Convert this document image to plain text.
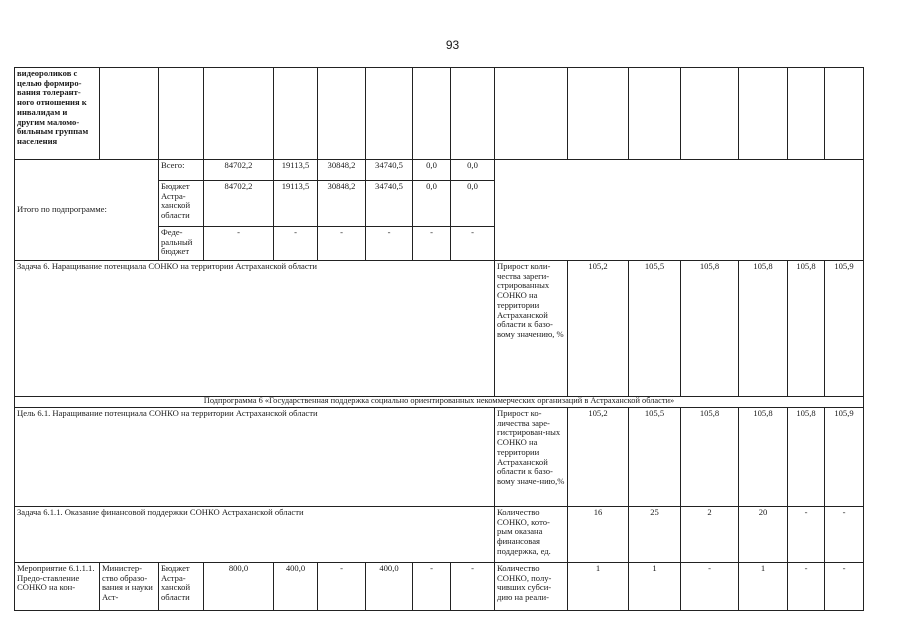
93
видеороликов с целью формиро-вания толерант-ного отношения к инвалидам и другим маломо-бильным группам населения															
Итого по подпрограмме:		Всего:	84702,2	19113,5	30848,2	34740,5	0,0	0,0							
		Бюджет Астра-ханской области	84702,2	19113,5	30848,2	34740,5	0,0	0,0							
		Феде-ральный бюджет	-	-	-	-	-	-							
Задача 6. Наращивание потенциала СОНКО на территории Астраханской области									Прирост коли-чества зареги-стрированных СОНКО на территории Астраханской области к базо-вому значению, %	105,2	105,5	105,8	105,8	105,8	105,9
Подпрограмма 6 «Государственная поддержка социально ориентированных некоммерческих организаций в Астраханской области»															
Цель 6.1. Наращивание потенциала СОНКО на территории Астраханской области									Прирост ко-личества заре-гистрирован-ных СОНКО на территории Астраханской области к базо-вому значе-нию,%	105,2	105,5	105,8	105,8	105,8	105,9
Задача 6.1.1. Оказание финансовой поддержки СОНКО Астраханской области									Количество СОНКО, кото-рым оказана финансовая поддержка, ед.	16	25	2	20	-	-
Мероприятие 6.1.1.1. Предо-ставление СОНКО на кон-	Министер-ство образо-вания и науки Аст-	Бюджет Астра-ханской области	800,0	400,0	-	400,0	-	-	Количество СОНКО, полу-чивших субси-дию на реали-	1	1	-	1	-	-
